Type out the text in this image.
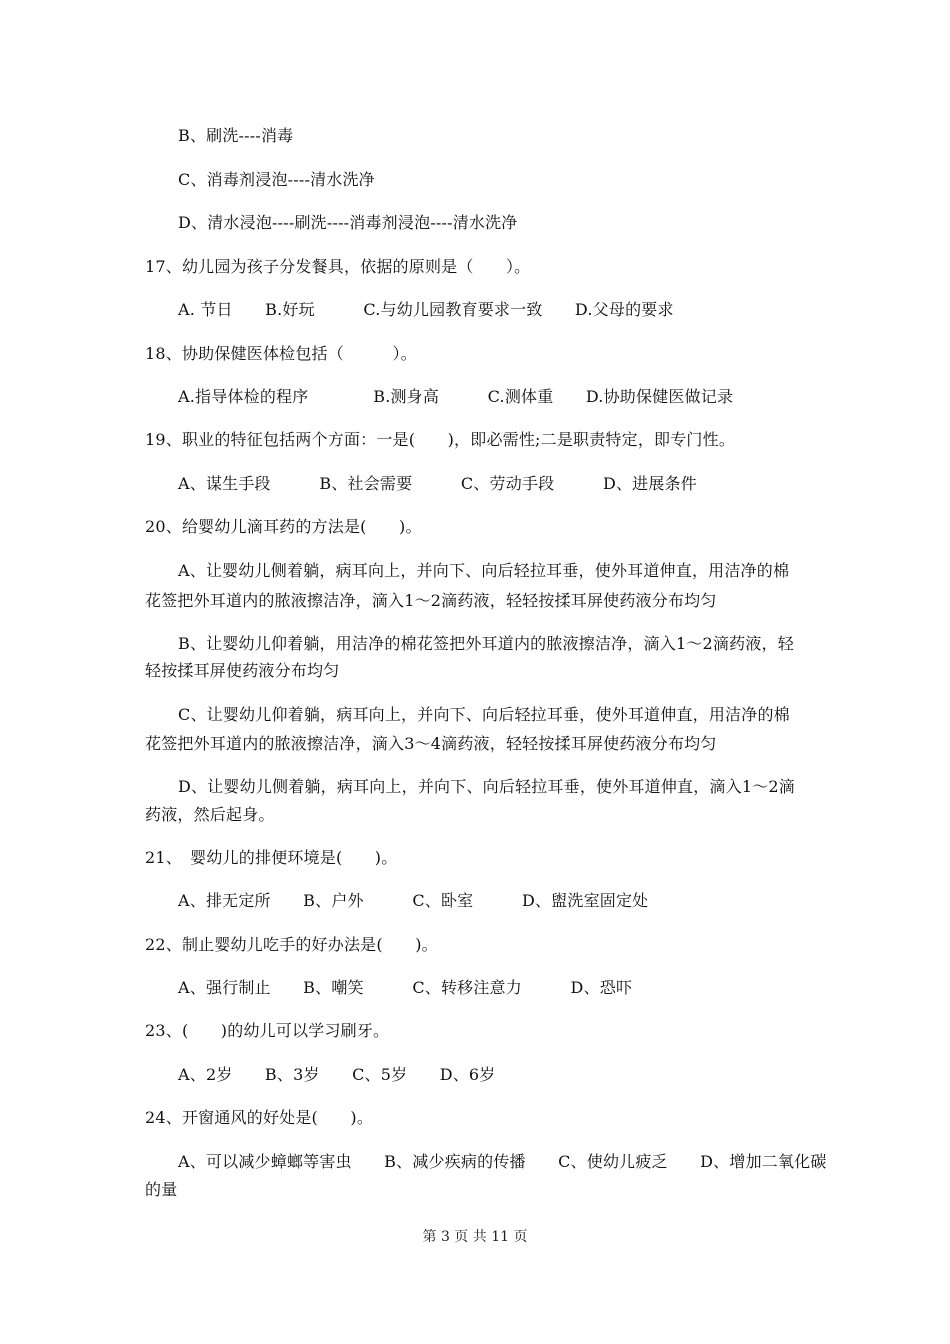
B、刷洗----消毒
C、消毒剂浸泡----清水洗净
D、清水浸泡----刷洗----消毒剂浸泡----清水洗净
17、幼儿园为孩子分发餐具，依据的原则是（　　）。
A. 节日　　B.好玩　　　C.与幼儿园教育要求一致　　D.父母的要求
18、协助保健医体检包括（　　　）。
A.指导体检的程序　　　　B.测身高　　　C.测体重　　D.协助保健医做记录
19、职业的特征包括两个方面：一是(　　)，即必需性;二是职责特定，即专门性。
A、谋生手段　　　B、社会需要　　　C、劳动手段　　　D、进展条件
20、给婴幼儿滴耳药的方法是(　　)。
A、让婴幼儿侧着躺，病耳向上，并向下、向后轻拉耳垂，使外耳道伸直，用洁净的棉
花签把外耳道内的脓液擦洁净，滴入1～2滴药液，轻轻按揉耳屏使药液分布均匀
B、让婴幼儿仰着躺，用洁净的棉花签把外耳道内的脓液擦洁净，滴入1～2滴药液，轻
轻按揉耳屏使药液分布均匀
C、让婴幼儿仰着躺，病耳向上，并向下、向后轻拉耳垂，使外耳道伸直，用洁净的棉
花签把外耳道内的脓液擦洁净，滴入3～4滴药液，轻轻按揉耳屏使药液分布均匀
D、让婴幼儿侧着躺，病耳向上，并向下、向后轻拉耳垂，使外耳道伸直，滴入1～2滴
药液，然后起身。
21、　婴幼儿的排便环境是(　　)。
A、排无定所　　B、户外　　　C、卧室　　　D、盥洗室固定处
22、制止婴幼儿吃手的好办法是(　　)。
A、强行制止　　B、嘲笑　　　C、转移注意力　　　D、恐吓
23、(　　)的幼儿可以学习刷牙。
A、2岁　　B、3岁　　C、5岁　　D、6岁
24、开窗通风的好处是(　　)。
A、可以减少蟑螂等害虫　　B、减少疾病的传播　　C、使幼儿疲乏　　D、增加二氧化碳
的量
第 3 页 共 11 页
